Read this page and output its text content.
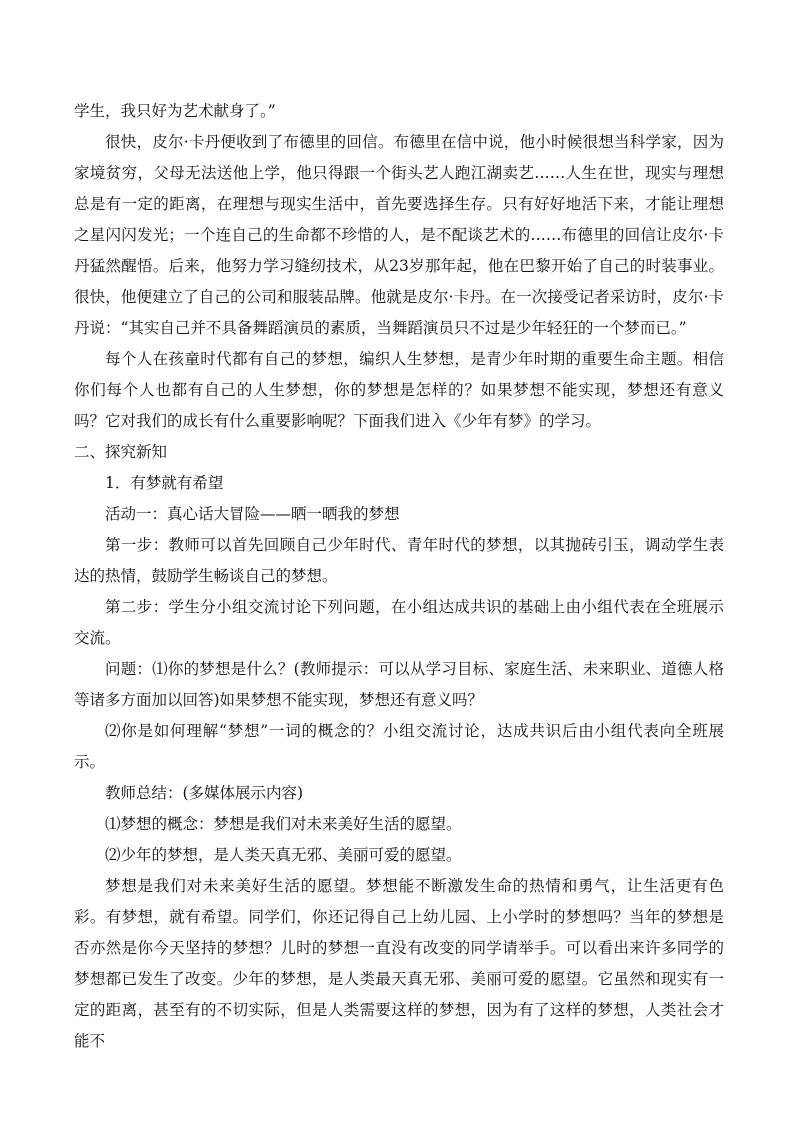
学生，我只好为艺术献身了。”

很快，皮尔·卡丹便收到了布德里的回信。布德里在信中说，他小时候很想当科学家，因为家境贫穷，父母无法送他上学，他只得跟一个街头艺人跑江湖卖艺……人生在世，现实与理想总是有一定的距离，在理想与现实生活中，首先要选择生存。只有好好地活下来，才能让理想之星闪闪发光；一个连自己的生命都不珍惜的人，是不配谈艺术的……布德里的回信让皮尔·卡丹猛然醒悟。后来，他努力学习缝纫技术，从23岁那年起，他在巴黎开始了自己的时装事业。很快，他便建立了自己的公司和服装品牌。他就是皮尔·卡丹。在一次接受记者采访时，皮尔·卡丹说：“其实自己并不具备舞蹈演员的素质，当舞蹈演员只不过是少年轻狂的一个梦而已。”

每个人在孩童时代都有自己的梦想，编织人生梦想，是青少年时期的重要生命主题。相信你们每个人也都有自己的人生梦想，你的梦想是怎样的？如果梦想不能实现，梦想还有意义吗？它对我们的成长有什么重要影响呢？下面我们进入《少年有梦》的学习。

二、探究新知

1．有梦就有希望

活动一：真心话大冒险——晒一晒我的梦想

第一步：教师可以首先回顾自己少年时代、青年时代的梦想，以其抛砖引玉，调动学生表达的热情，鼓励学生畅谈自己的梦想。

第二步：学生分小组交流讨论下列问题，在小组达成共识的基础上由小组代表在全班展示交流。

问题：⑴你的梦想是什么？(教师提示：可以从学习目标、家庭生活、未来职业、道德人格等诸多方面加以回答)如果梦想不能实现，梦想还有意义吗？

⑵你是如何理解“梦想”一词的概念的？小组交流讨论，达成共识后由小组代表向全班展示。

教师总结：(多媒体展示内容)

⑴梦想的概念：梦想是我们对未来美好生活的愿望。

⑵少年的梦想，是人类天真无邪、美丽可爱的愿望。

梦想是我们对未来美好生活的愿望。梦想能不断激发生命的热情和勇气，让生活更有色彩。有梦想，就有希望。同学们，你还记得自己上幼儿园、上小学时的梦想吗？当年的梦想是否亦然是你今天坚持的梦想？儿时的梦想一直没有改变的同学请举手。可以看出来许多同学的梦想都已发生了改变。少年的梦想，是人类最天真无邪、美丽可爱的愿望。它虽然和现实有一定的距离，甚至有的不切实际，但是人类需要这样的梦想，因为有了这样的梦想，人类社会才能不
